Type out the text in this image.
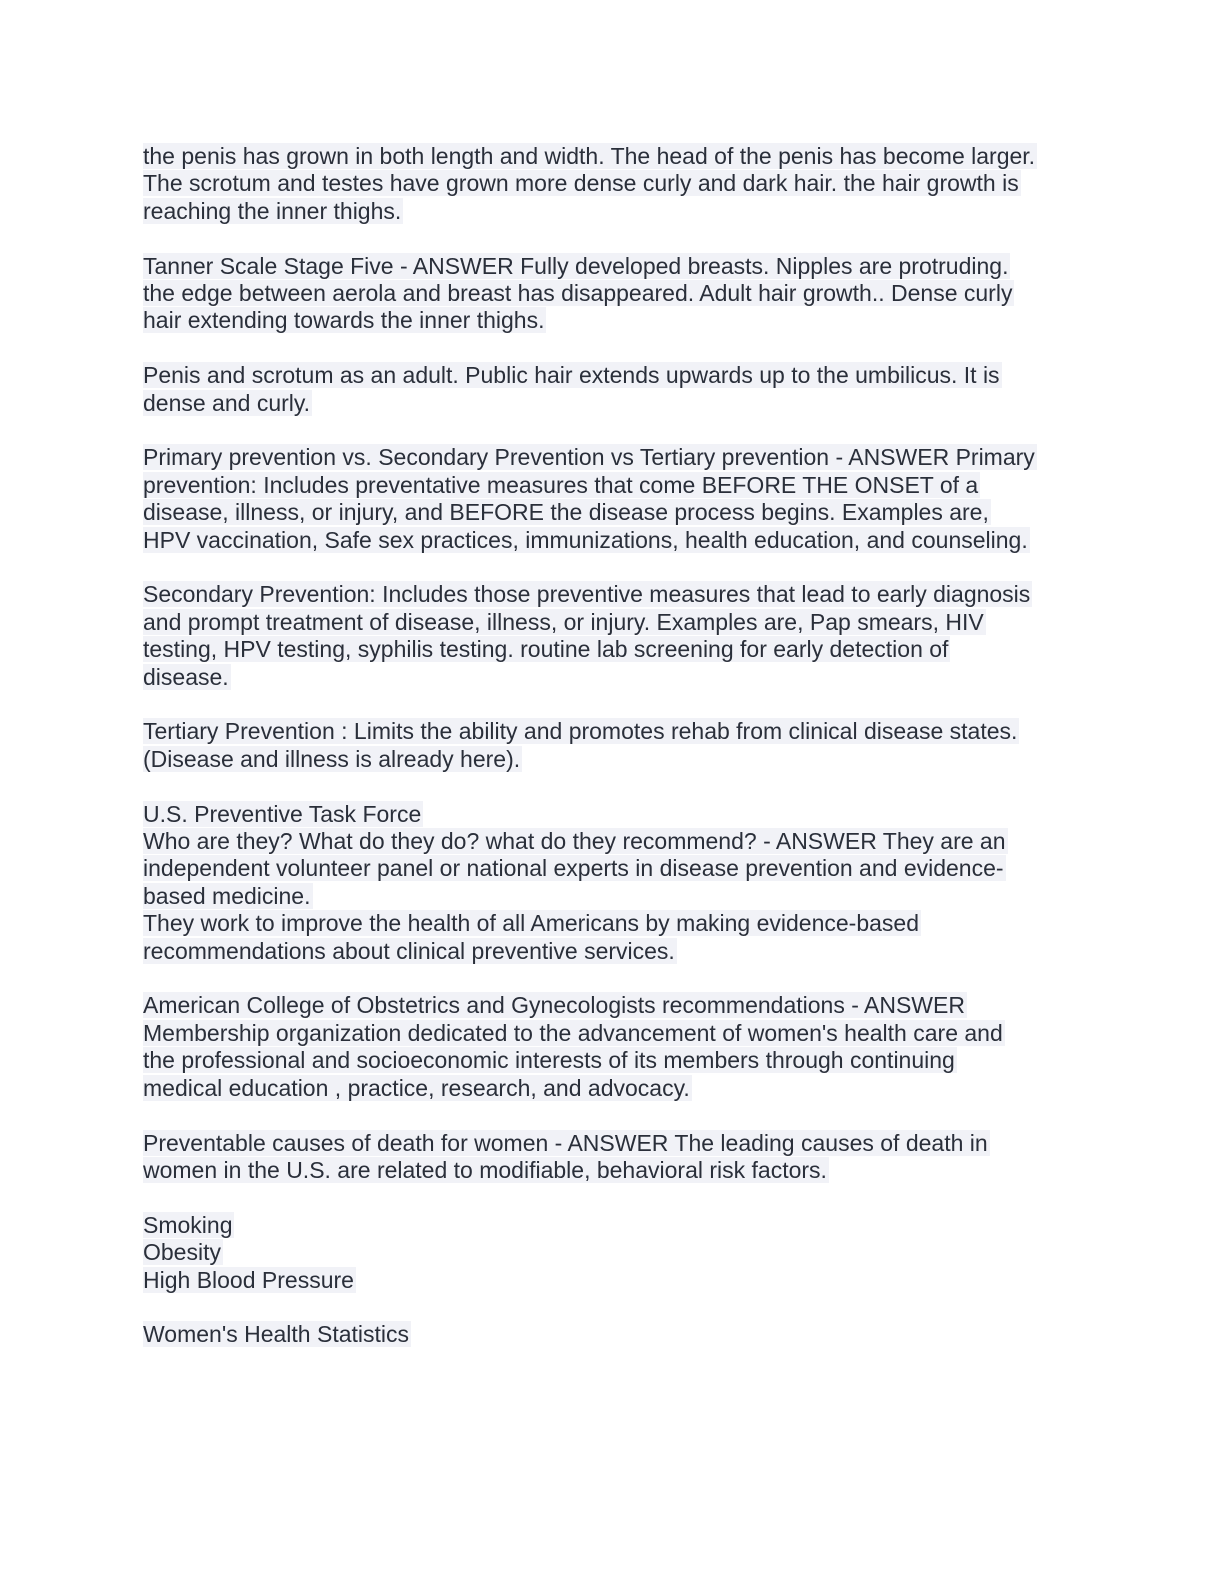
the penis has grown in both length and width. The head of the penis has become larger.
The scrotum and testes have grown more dense curly and dark hair. the hair growth is
reaching the inner thighs.
Tanner Scale Stage Five - ANSWER Fully developed breasts. Nipples are protruding.
the edge between aerola and breast has disappeared. Adult hair growth.. Dense curly
hair extending towards the inner thighs.
Penis and scrotum as an adult. Public hair extends upwards up to the umbilicus. It is
dense and curly.
Primary prevention vs. Secondary Prevention vs Tertiary prevention - ANSWER Primary
prevention: Includes preventative measures that come BEFORE THE ONSET of a
disease, illness, or injury, and BEFORE the disease process begins. Examples are,
HPV vaccination, Safe sex practices, immunizations, health education, and counseling.
Secondary Prevention: Includes those preventive measures that lead to early diagnosis
and prompt treatment of disease, illness, or injury. Examples are, Pap smears, HIV
testing, HPV testing, syphilis testing. routine lab screening for early detection of
disease.
Tertiary Prevention : Limits the ability and promotes rehab from clinical disease states.
(Disease and illness is already here).
U.S. Preventive Task Force
Who are they? What do they do? what do they recommend? - ANSWER They are an
independent volunteer panel or national experts in disease prevention and evidence-
based medicine.
They work to improve the health of all Americans by making evidence-based
recommendations about clinical preventive services.
American College of Obstetrics and Gynecologists recommendations - ANSWER
Membership organization dedicated to the advancement of women's health care and
the professional and socioeconomic interests of its members through continuing
medical education , practice, research, and advocacy.
Preventable causes of death for women - ANSWER The leading causes of death in
women in the U.S. are related to modifiable, behavioral risk factors.
Smoking
Obesity
High Blood Pressure
Women's Health Statistics
